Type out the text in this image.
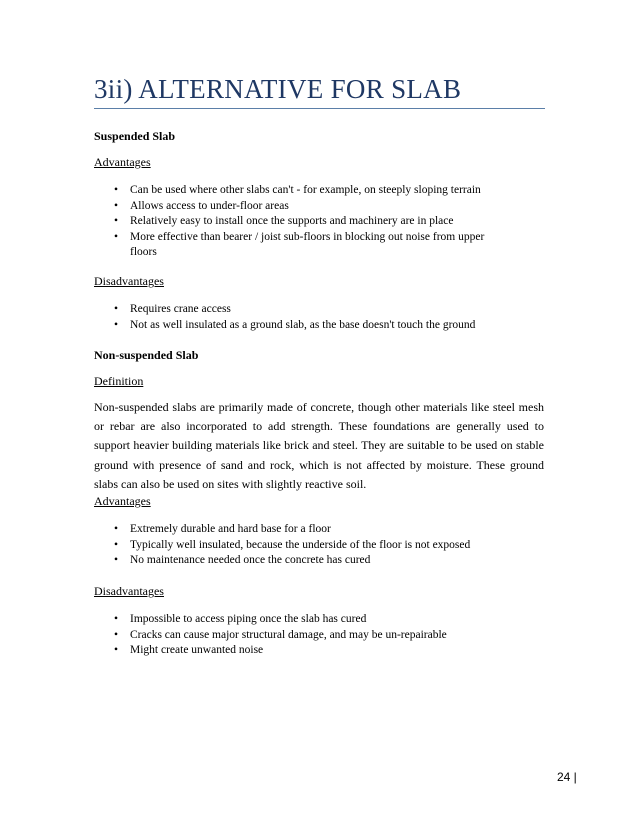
3ii) ALTERNATIVE FOR SLAB
Suspended Slab
Advantages
• Can be used where other slabs can't - for example, on steeply sloping terrain
• Allows access to under-floor areas
• Relatively easy to install once the supports and machinery are in place
• More effective than bearer / joist sub-floors in blocking out noise from upper floors
Disadvantages
• Requires crane access
• Not as well insulated as a ground slab, as the base doesn't touch the ground
Non-suspended Slab
Definition

Non-suspended slabs are primarily made of concrete, though other materials like steel mesh or rebar are also incorporated to add strength. These foundations are generally used to support heavier building materials like brick and steel. They are suitable to be used on stable ground with presence of sand and rock, which is not affected by moisture. These ground slabs can also be used on sites with slightly reactive soil.

Advantages
• Extremely durable and hard base for a floor
• Typically well insulated, because the underside of the floor is not exposed
• No maintenance needed once the concrete has cured
Disadvantages
• Impossible to access piping once the slab has cured
• Cracks can cause major structural damage, and may be un-repairable
• Might create unwanted noise
24 |
